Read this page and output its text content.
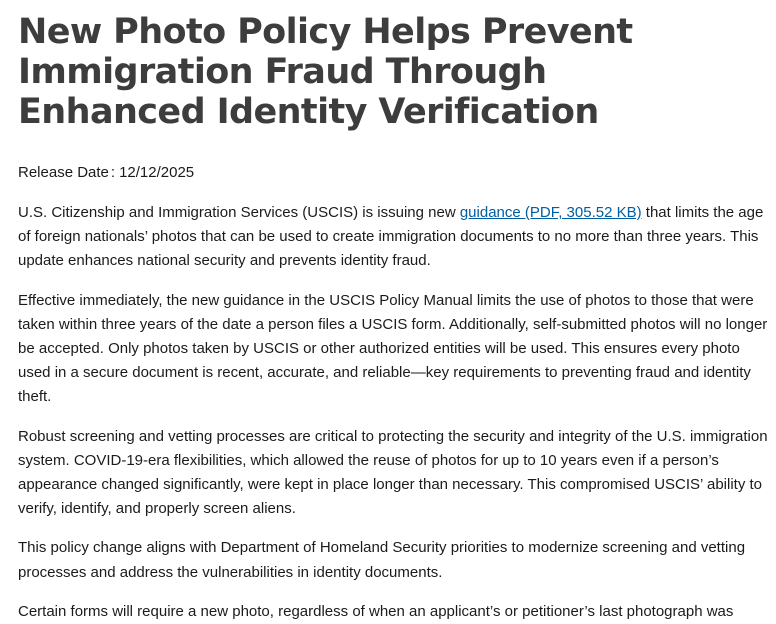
New Photo Policy Helps Prevent Immigration Fraud Through Enhanced Identity Verification
Release Date : 12/12/2025

U.S. Citizenship and Immigration Services (USCIS) is issuing new guidance (PDF, 305.52 KB) that limits the age of foreign nationals’ photos that can be used to create immigration documents to no more than three years. This update enhances national security and prevents identity fraud.

Effective immediately, the new guidance in the USCIS Policy Manual limits the use of photos to those that were taken within three years of the date a person files a USCIS form. Additionally, self-submitted photos will no longer be accepted. Only photos taken by USCIS or other authorized entities will be used. This ensures every photo used in a secure document is recent, accurate, and reliable—key requirements to preventing fraud and identity theft.

Robust screening and vetting processes are critical to protecting the security and integrity of the U.S. immigration system. COVID-19-era flexibilities, which allowed the reuse of photos for up to 10 years even if a person’s appearance changed significantly, were kept in place longer than necessary. This compromised USCIS’ ability to verify, identify, and properly screen aliens.

This policy change aligns with Department of Homeland Security priorities to modernize screening and vetting processes and address the vulnerabilities in identity documents.

Certain forms will require a new photo, regardless of when an applicant’s or petitioner’s last photograph was
